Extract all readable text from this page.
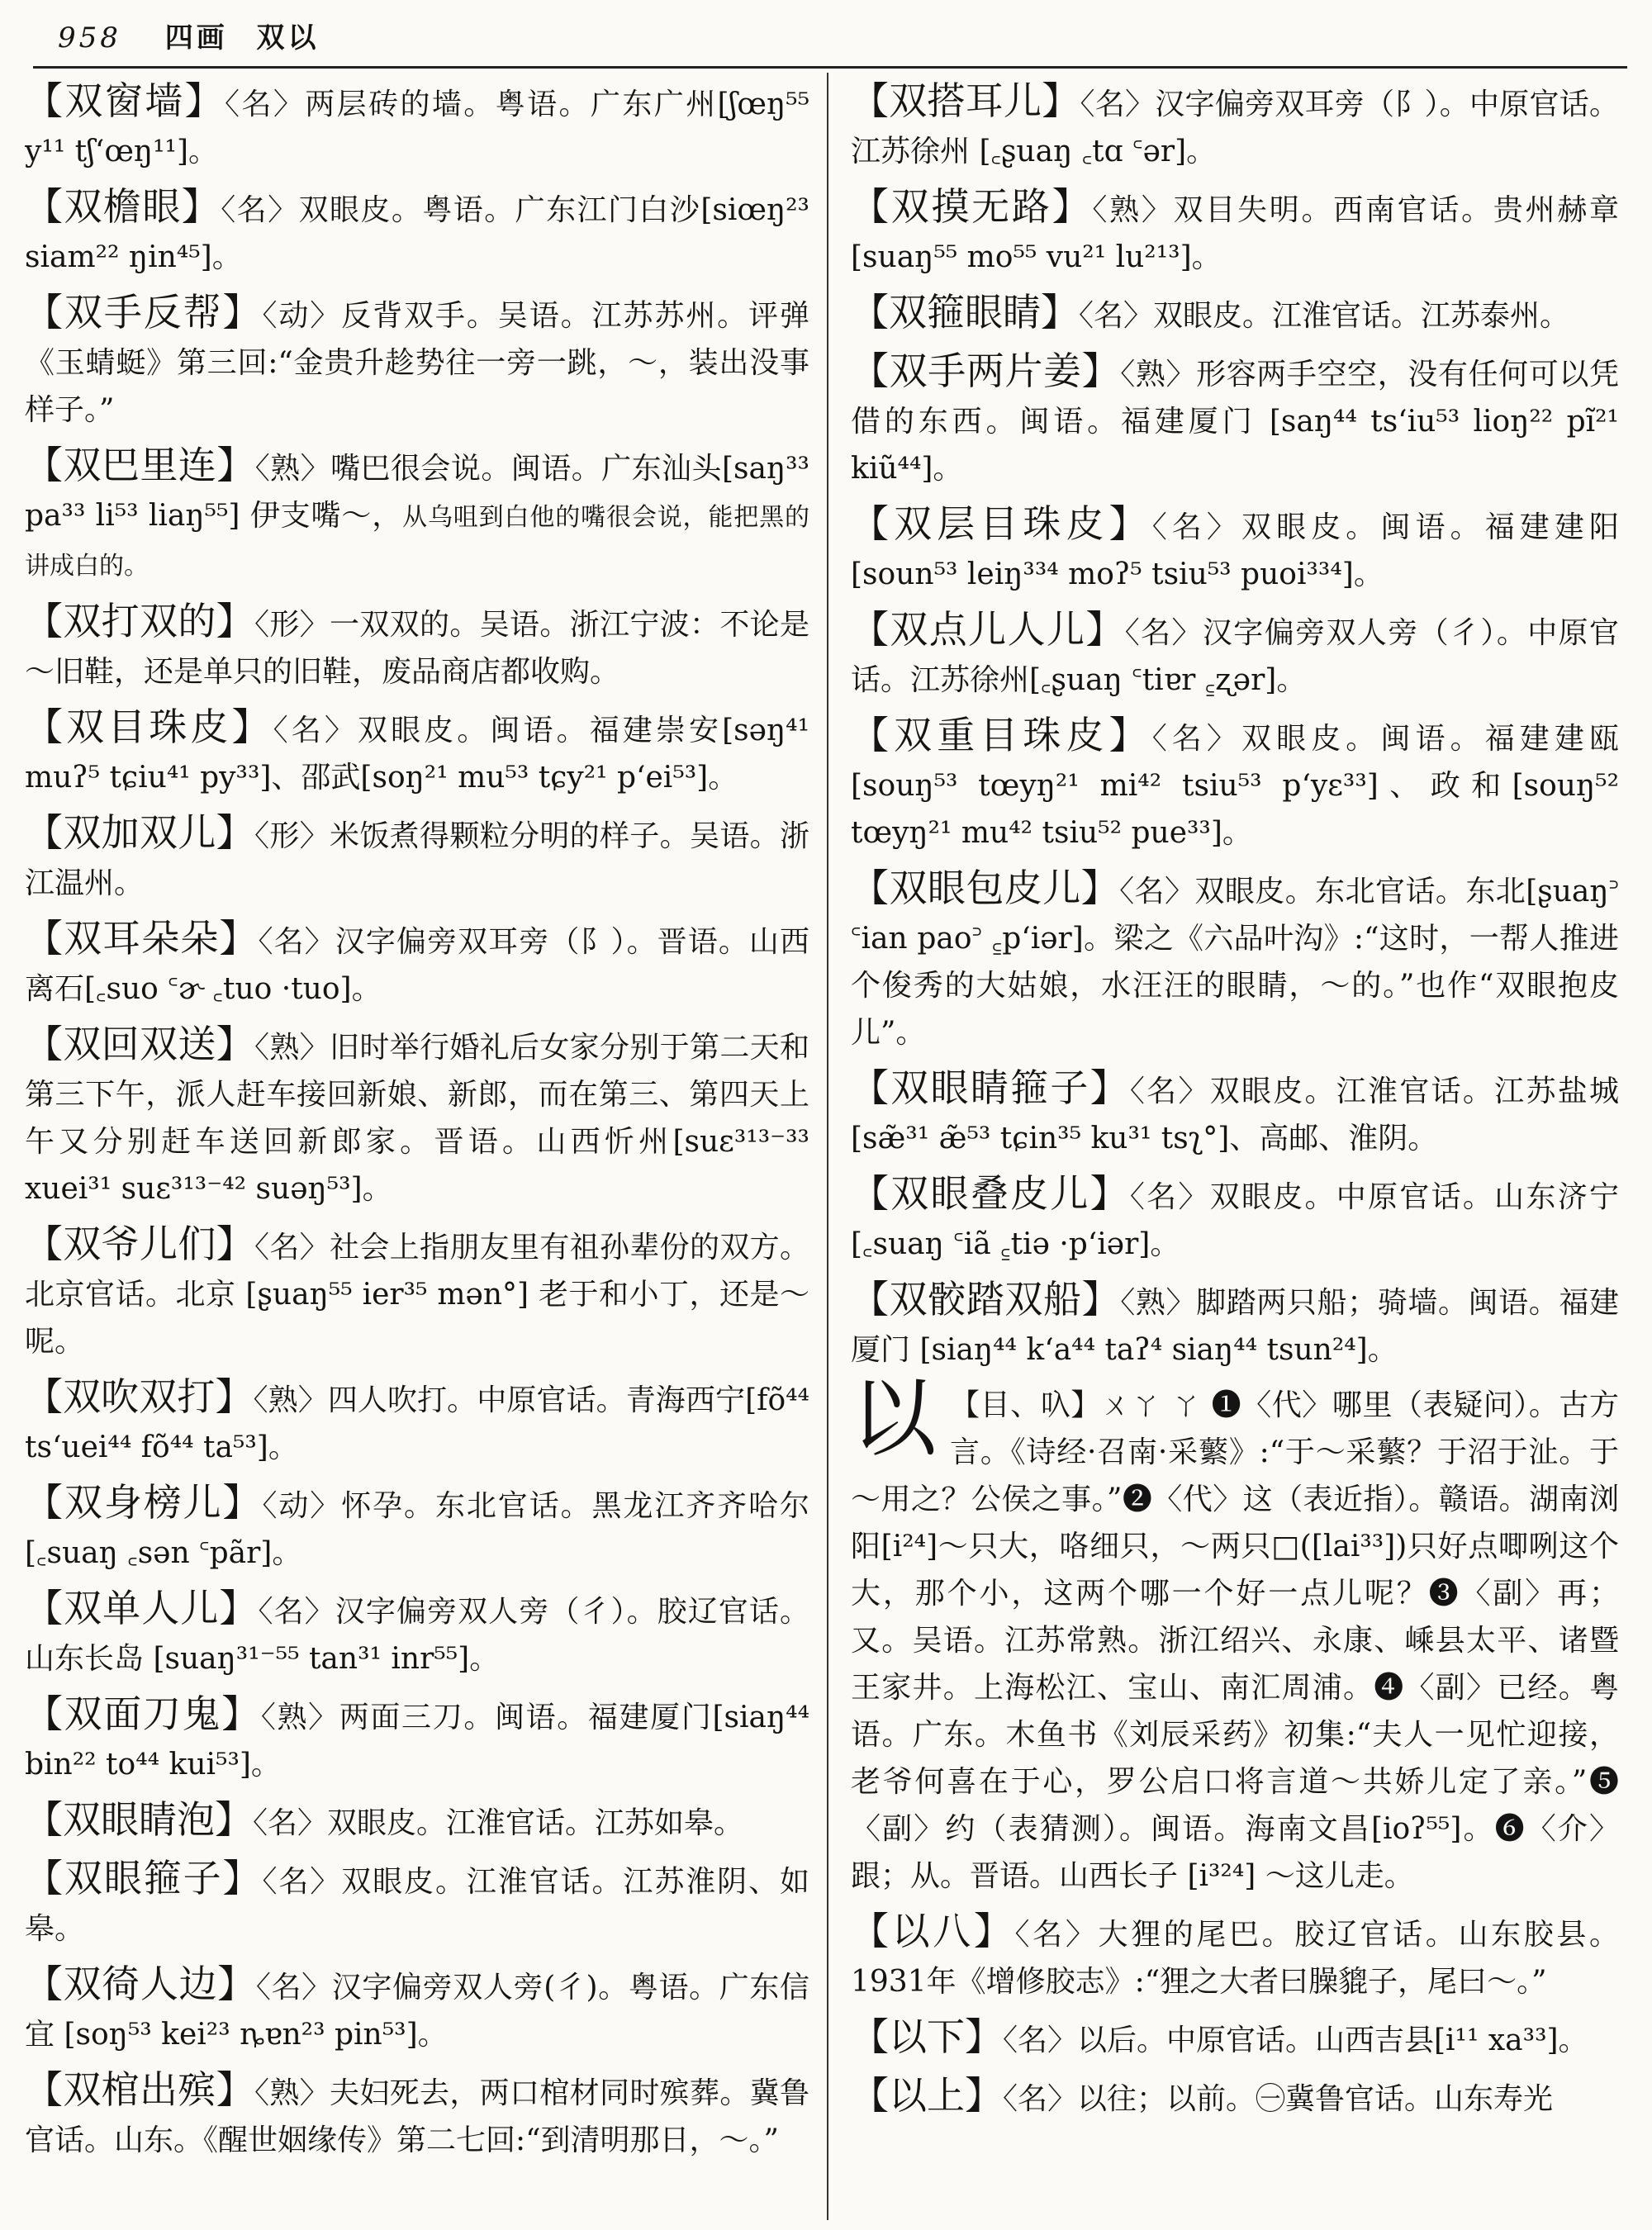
958 四画 双以

【双窗墙】〈名〉两层砖的墙。粤语。广东广州[ʃœŋ⁵⁵ y¹¹ tʃ‘œŋ¹¹]。

【双檐眼】〈名〉双眼皮。粤语。广东江门白沙[siœŋ²³ siam²² ŋin⁴⁵]。

【双手反帮】〈动〉反背双手。吴语。江苏苏州。评弹《玉蜻蜓》第三回:“金贵升趁势往一旁一跳，～，装出没事样子。”

【双巴里连】〈熟〉嘴巴很会说。闽语。广东汕头[saŋ³³ pa³³ li⁵³ liaŋ⁵⁵] 伊支嘴～，从乌咀到白他的嘴很会说，能把黑的讲成白的。

【双打双的】〈形〉一双双的。吴语。浙江宁波：不论是～旧鞋，还是单只的旧鞋，废品商店都收购。

【双目珠皮】〈名〉双眼皮。闽语。福建崇安[səŋ⁴¹ muʔ⁵ tɕiu⁴¹ py³³]、邵武[soŋ²¹ mu⁵³ tɕy²¹ p‘ei⁵³]。

【双加双儿】〈形〉米饭煮得颗粒分明的样子。吴语。浙江温州。

【双耳朵朵】〈名〉汉字偏旁双耳旁（阝）。晋语。山西离石[꜀suo ꜂ɚ ꜀tuo ·tuo]。

【双回双送】〈熟〉旧时举行婚礼后女家分别于第二天和第三下午，派人赶车接回新娘、新郎，而在第三、第四天上午又分别赶车送回新郎家。晋语。山西忻州[suɛ³¹³⁻³³ xuei³¹ suɛ³¹³⁻⁴² suəŋ⁵³]。

【双爷儿们】〈名〉社会上指朋友里有祖孙辈份的双方。北京官话。北京 [ʂuaŋ⁵⁵ ier³⁵ mən°] 老于和小丁，还是～呢。

【双吹双打】〈熟〉四人吹打。中原官话。青海西宁[fõ⁴⁴ ts‘uei⁴⁴ fõ⁴⁴ ta⁵³]。

【双身榜儿】〈动〉怀孕。东北官话。黑龙江齐齐哈尔 [꜀suaŋ ꜀sən ꜂pãr]。

【双单人儿】〈名〉汉字偏旁双人旁（彳）。胶辽官话。山东长岛 [suaŋ³¹⁻⁵⁵ tan³¹ inr⁵⁵]。

【双面刀鬼】〈熟〉两面三刀。闽语。福建厦门[siaŋ⁴⁴ bin²² to⁴⁴ kui⁵³]。

【双眼睛泡】〈名〉双眼皮。江淮官话。江苏如皋。

【双眼箍子】〈名〉双眼皮。江淮官话。江苏淮阴、如皋。

【双徛人边】〈名〉汉字偏旁双人旁(彳)。粤语。广东信宜 [soŋ⁵³ kei²³ ȵɐn²³ pin⁵³]。

【双棺出殡】〈熟〉夫妇死去，两口棺材同时殡葬。冀鲁官话。山东。《醒世姻缘传》第二七回:“到清明那日，～。”

【双搭耳儿】〈名〉汉字偏旁双耳旁（阝）。中原官话。江苏徐州 [꜀ʂuaŋ ꜀tɑ ꜂ər]。

【双摸无路】〈熟〉双目失明。西南官话。贵州赫章[suaŋ⁵⁵ mo⁵⁵ vu²¹ lu²¹³]。

【双箍眼睛】〈名〉双眼皮。江淮官话。江苏泰州。

【双手两片姜】〈熟〉形容两手空空，没有任何可以凭借的东西。闽语。福建厦门 [saŋ⁴⁴ ts‘iu⁵³ lioŋ²² pĩ²¹ kiũ⁴⁴]。

【双层目珠皮】〈名〉双眼皮。闽语。福建建阳 [soun⁵³ leiŋ³³⁴ moʔ⁵ tsiu⁵³ puoi³³⁴]。

【双点儿人儿】〈名〉汉字偏旁双人旁（彳）。中原官话。江苏徐州[꜀ʂuaŋ ꜂tiɐr ꜁ʐər]。

【双重目珠皮】〈名〉双眼皮。闽语。福建建瓯 [souŋ⁵³ tœyŋ²¹ mi⁴² tsiu⁵³ p‘yɛ³³]、政和[souŋ⁵² tœyŋ²¹ mu⁴² tsiu⁵² pue³³]。

【双眼包皮儿】〈名〉双眼皮。东北官话。东北[ʂuaŋ꜄ ꜂ian pao꜄ ꜁p‘iər]。梁之《六品叶沟》:“这时，一帮人推进个俊秀的大姑娘，水汪汪的眼睛，～的。”也作“双眼抱皮儿”。

【双眼睛箍子】〈名〉双眼皮。江淮官话。江苏盐城 [sæ̃³¹ æ̃⁵³ tɕin³⁵ ku³¹ tsʅ°]、高邮、淮阴。

【双眼叠皮儿】〈名〉双眼皮。中原官话。山东济宁 [꜀suaŋ ꜂iã ꜁tiə ·p‘iər]。

【双骹踏双船】〈熟〉脚踏两只船；骑墙。闽语。福建厦门 [siaŋ⁴⁴ k‘a⁴⁴ taʔ⁴ siaŋ⁴⁴ tsun²⁴]。

以 【目、叺】ㄨㄚ ㄚ ❶〈代〉哪里（表疑问）。古方言。《诗经·召南·采蘩》:“于～采蘩？于沼于沚。于～用之？公侯之事。”❷〈代〉这（表近指）。赣语。湖南浏阳[i²⁴]～只大，咯细只，～两只□([lai³³])只好点唧咧这个大，那个小，这两个哪一个好一点儿呢？❸〈副〉再；又。吴语。江苏常熟。浙江绍兴、永康、嵊县太平、诸暨王家井。上海松江、宝山、南汇周浦。❹〈副〉已经。粤语。广东。木鱼书《刘辰采药》初集:“夫人一见忙迎接，老爷何喜在于心，罗公启口将言道～共娇儿定了亲。”❺〈副〉约（表猜测）。闽语。海南文昌[ioʔ⁵⁵]。❻〈介〉跟；从。晋语。山西长子 [i³²⁴] ～这儿走。

【以八】〈名〉大狸的尾巴。胶辽官话。山东胶县。1931年《增修胶志》:“狸之大者曰臊貔子，尾曰～。”

【以下】〈名〉以后。中原官话。山西吉县[i¹¹ xa³³]。

【以上】〈名〉以往；以前。㊀冀鲁官话。山东寿光
